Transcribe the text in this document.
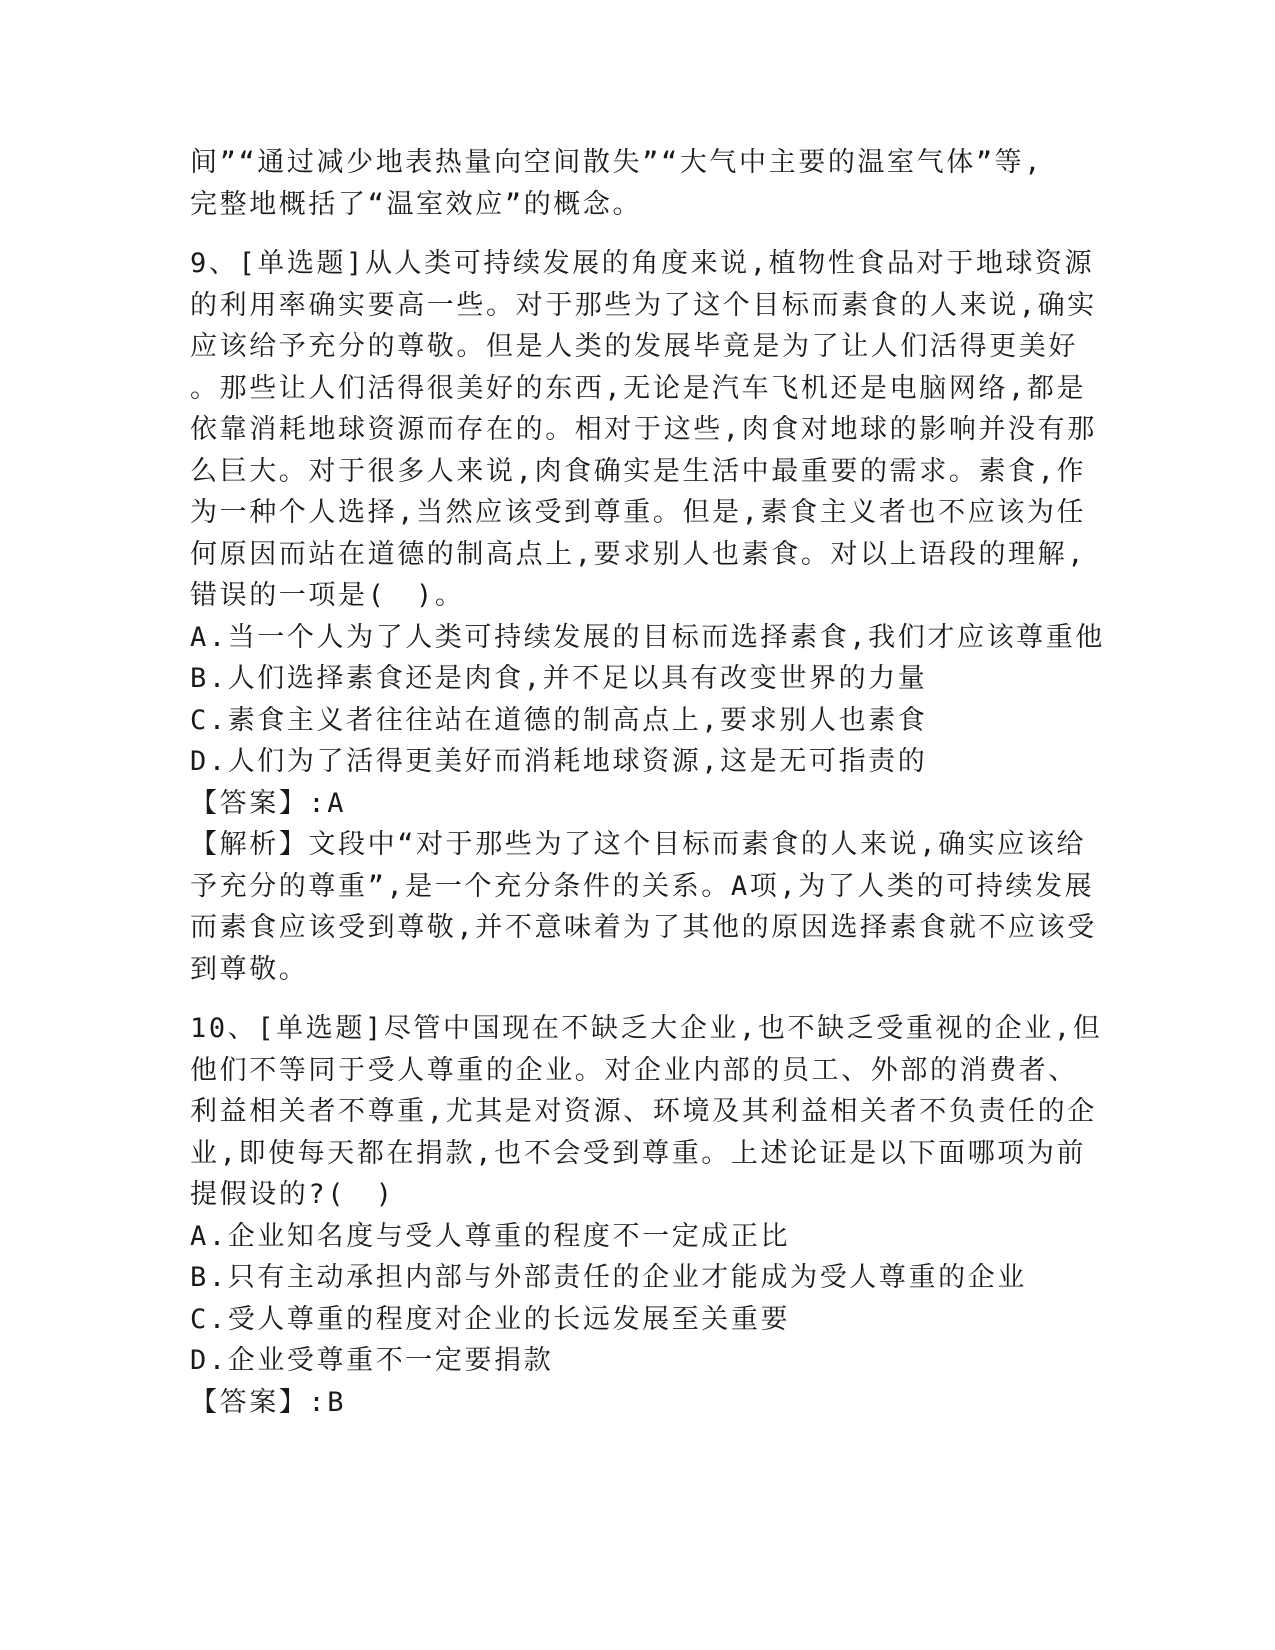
间”“通过减少地表热量向空间散失”“大气中主要的温室气体”等,
完整地概括了“温室效应”的概念。
9、[单选题]从人类可持续发展的角度来说,植物性食品对于地球资源
的利用率确实要高一些。对于那些为了这个目标而素食的人来说,确实
应该给予充分的尊敬。但是人类的发展毕竟是为了让人们活得更美好
。那些让人们活得很美好的东西,无论是汽车飞机还是电脑网络,都是
依靠消耗地球资源而存在的。相对于这些,肉食对地球的影响并没有那
么巨大。对于很多人来说,肉食确实是生活中最重要的需求。素食,作
为一种个人选择,当然应该受到尊重。但是,素食主义者也不应该为任
何原因而站在道德的制高点上,要求别人也素食。对以上语段的理解,
错误的一项是(　)。
A.当一个人为了人类可持续发展的目标而选择素食,我们才应该尊重他
B.人们选择素食还是肉食,并不足以具有改变世界的力量
C.素食主义者往往站在道德的制高点上,要求别人也素食
D.人们为了活得更美好而消耗地球资源,这是无可指责的
【答案】:A
【解析】文段中“对于那些为了这个目标而素食的人来说,确实应该给
予充分的尊重”,是一个充分条件的关系。A项,为了人类的可持续发展
而素食应该受到尊敬,并不意味着为了其他的原因选择素食就不应该受
到尊敬。
10、[单选题]尽管中国现在不缺乏大企业,也不缺乏受重视的企业,但
他们不等同于受人尊重的企业。对企业内部的员工、外部的消费者、
利益相关者不尊重,尤其是对资源、环境及其利益相关者不负责任的企
业,即使每天都在捐款,也不会受到尊重。上述论证是以下面哪项为前
提假设的?(　)
A.企业知名度与受人尊重的程度不一定成正比
B.只有主动承担内部与外部责任的企业才能成为受人尊重的企业
C.受人尊重的程度对企业的长远发展至关重要
D.企业受尊重不一定要捐款
【答案】:B
